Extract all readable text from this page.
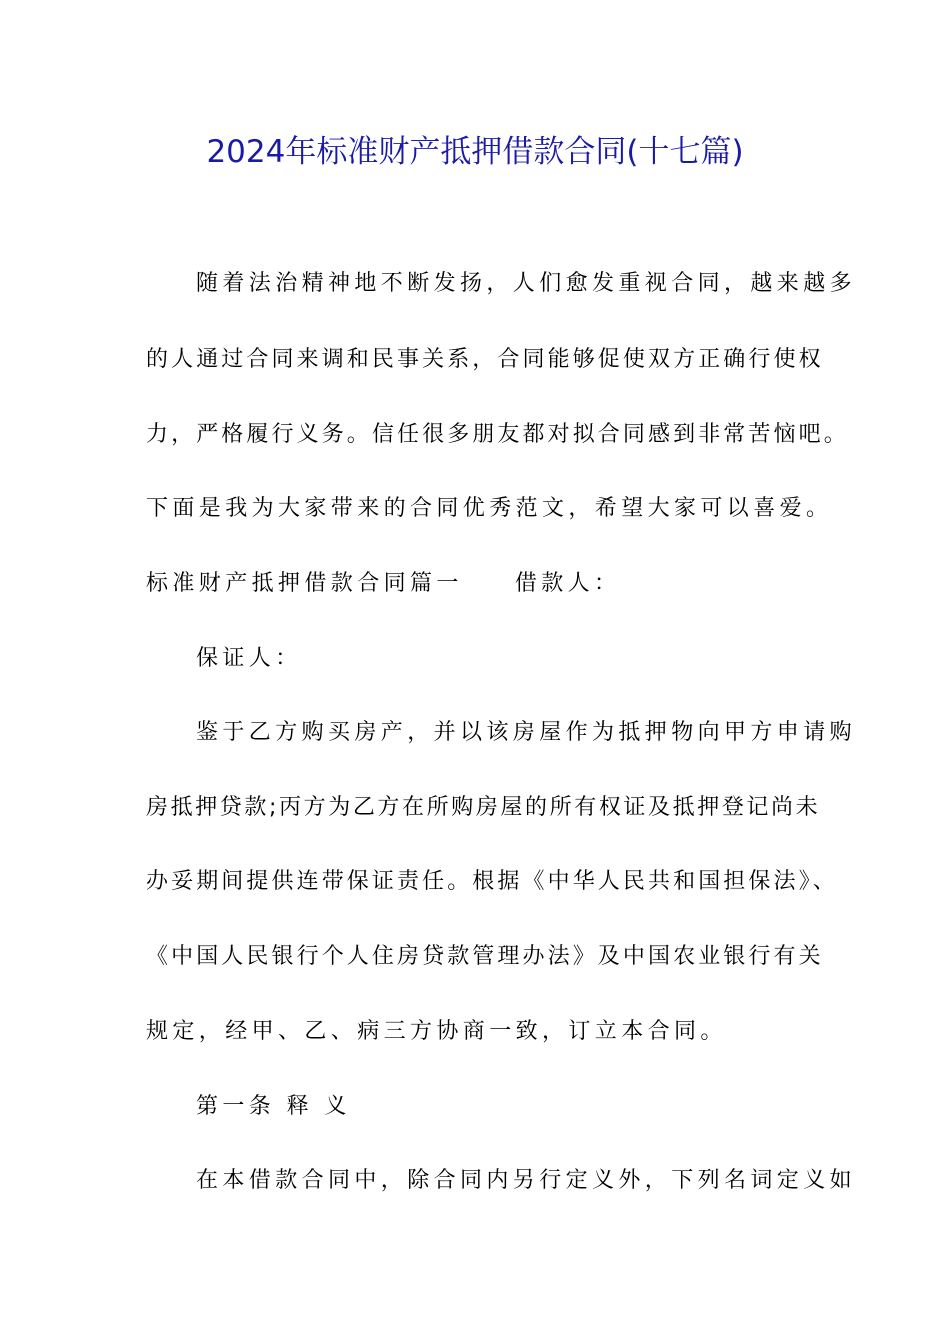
2024年标准财产抵押借款合同(十七篇)
随着法治精神地不断发扬，人们愈发重视合同，越来越多
的人通过合同来调和民事关系，合同能够促使双方正确行使权
力，严格履行义务。信任很多朋友都对拟合同感到非常苦恼吧。
下面是我为大家带来的合同优秀范文，希望大家可以喜爱。
标准财产抵押借款合同篇一 借款人：
保证人：
鉴于乙方购买房产，并以该房屋作为抵押物向甲方申请购
房抵押贷款;丙方为乙方在所购房屋的所有权证及抵押登记尚未
办妥期间提供连带保证责任。根据《中华人民共和国担保法》、
《中国人民银行个人住房贷款管理办法》及中国农业银行有关
规定，经甲、乙、病三方协商一致，订立本合同。
第一条 释 义
在本借款合同中，除合同内另行定义外，下列名词定义如
